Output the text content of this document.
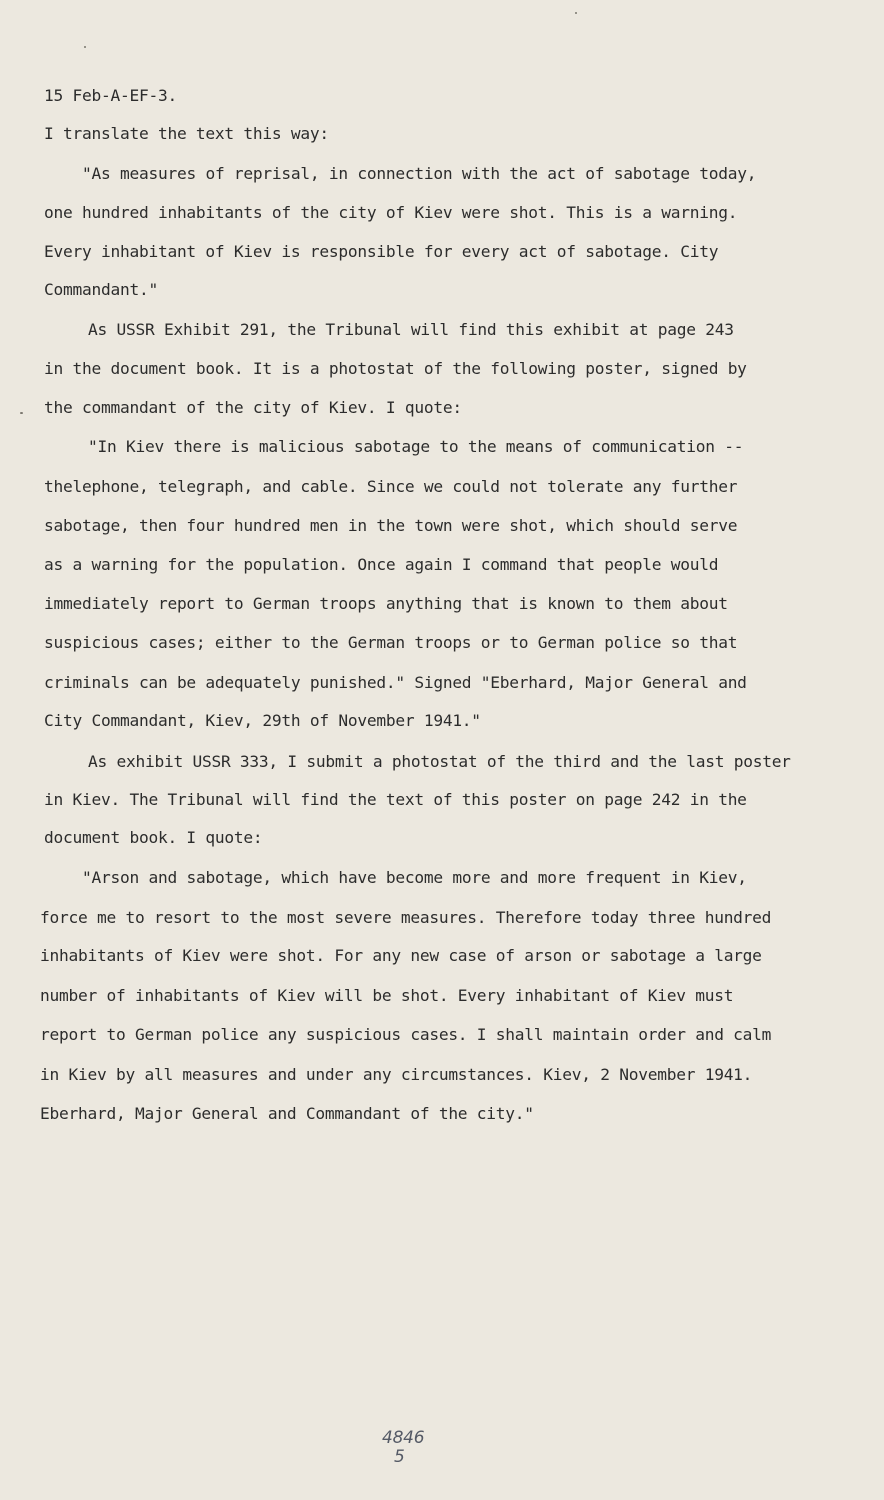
15 Feb-A-EF-3.
I translate the text this way:
"As measures of reprisal, in connection with the act of sabotage today,
one hundred inhabitants of the city of Kiev were shot. This is a warning.
Every inhabitant of Kiev is responsible for every act of sabotage. City
Commandant."
As USSR Exhibit 291, the Tribunal will find this exhibit at page 243
in the document book. It is a photostat of the following poster, signed by
the commandant of the city of Kiev. I quote:
"In Kiev there is malicious sabotage to the means of communication --
thelephone, telegraph, and cable. Since we could not tolerate any further
sabotage, then four hundred men in the town were shot, which should serve
as a warning for the population. Once again I command that people would
immediately report to German troops anything that is known to them about
suspicious cases; either to the German troops or to German police so that
criminals can be adequately punished." Signed "Eberhard, Major General and
City Commandant, Kiev, 29th of November 1941."
As exhibit USSR 333, I submit a photostat of the third and the last poster
in Kiev. The Tribunal will find the text of this poster on page 242 in the
document book. I quote:
"Arson and sabotage, which have become more and more frequent in Kiev,
force me to resort to the most severe measures. Therefore today three hundred
inhabitants of Kiev were shot. For any new case of arson or sabotage a large
number of inhabitants of Kiev will be shot. Every inhabitant of Kiev must
report to German police any suspicious cases. I shall maintain order and calm
in Kiev by all measures and under any circumstances. Kiev, 2 November 1941.
Eberhard, Major General and Commandant of the city."
4846
5
